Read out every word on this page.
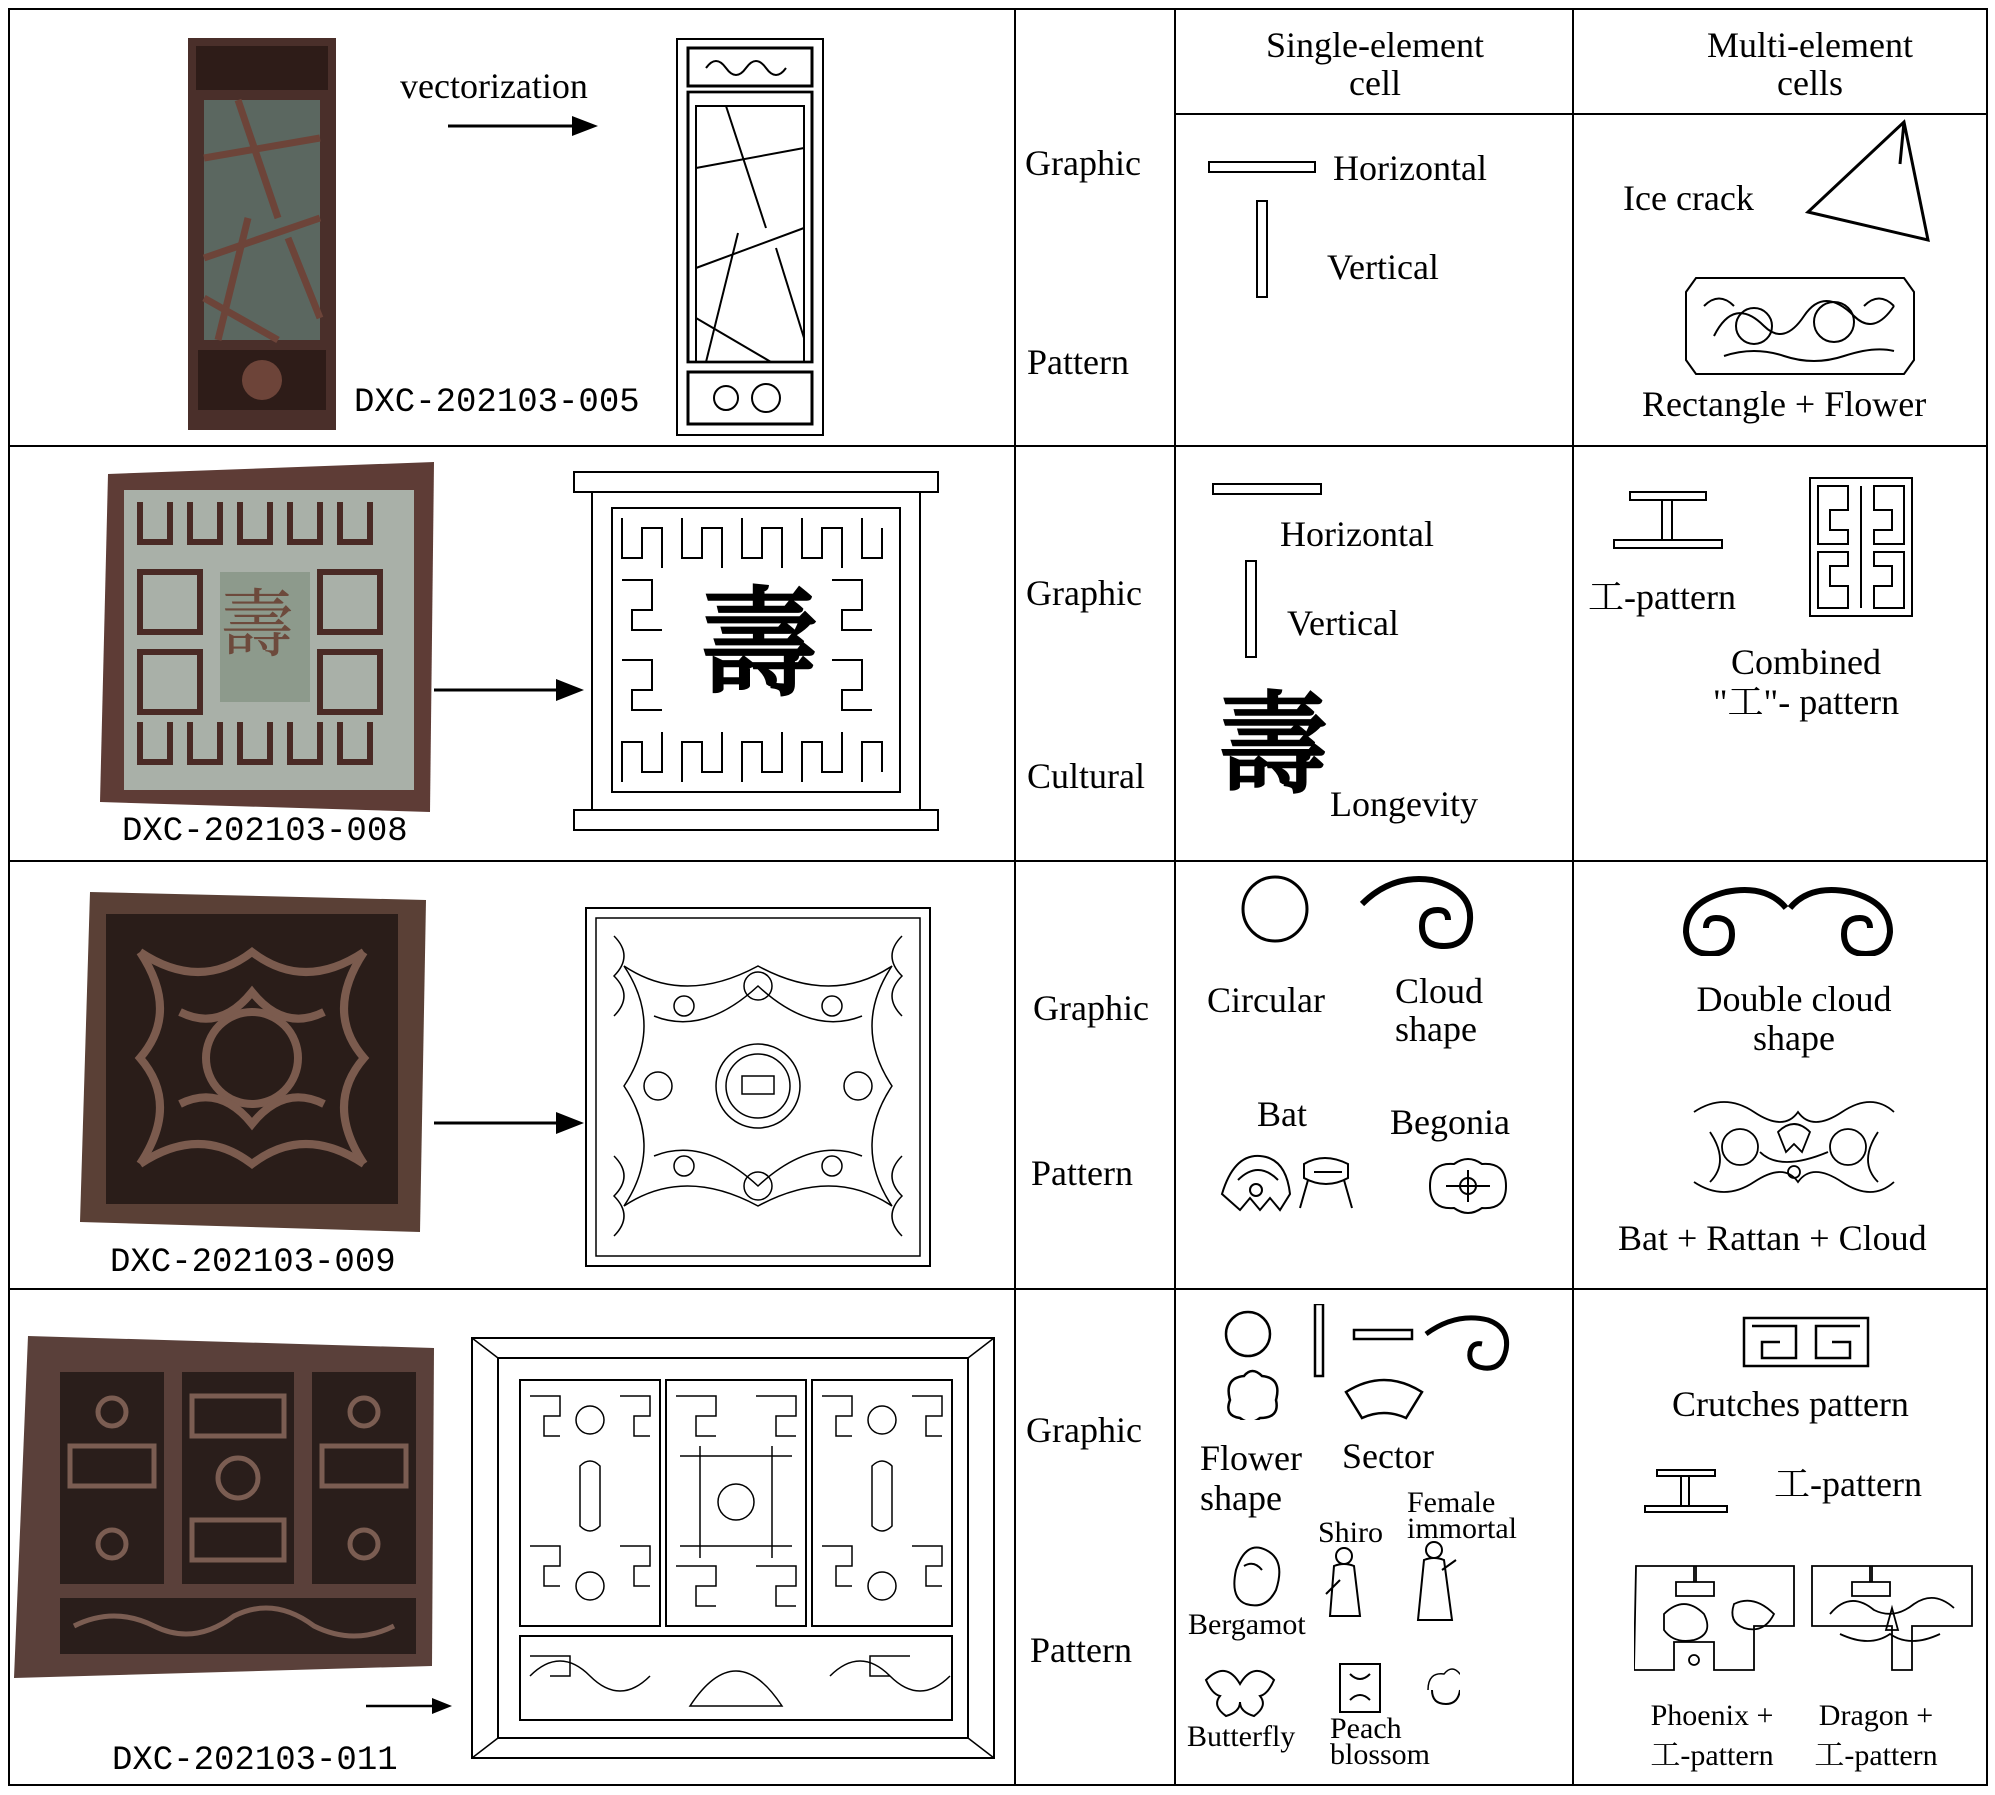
Single-element cell
Multi-element cells
vectorization
DXC-202103-005
Graphic
Pattern
Horizontal
Vertical
Ice crack
Rectangle + Flower
壽
DXC-202103-008
壽	Graphic
Cultural
Horizontal
Vertical
壽 Longevity
工-pattern
Combined "工"- pattern
DXC-202103-009
Graphic
Pattern
Circular Cloud shape
Bat Begonia
Double cloud shape
Bat + Rattan + Cloud
DXC-202103-011
Graphic
Pattern
Flower shape
Sector
Shiro
Female immortal
Bergamot
Butterfly Peach blossom
Crutches pattern
工-pattern
Phoenix + 工-pattern
Dragon + 工-pattern
